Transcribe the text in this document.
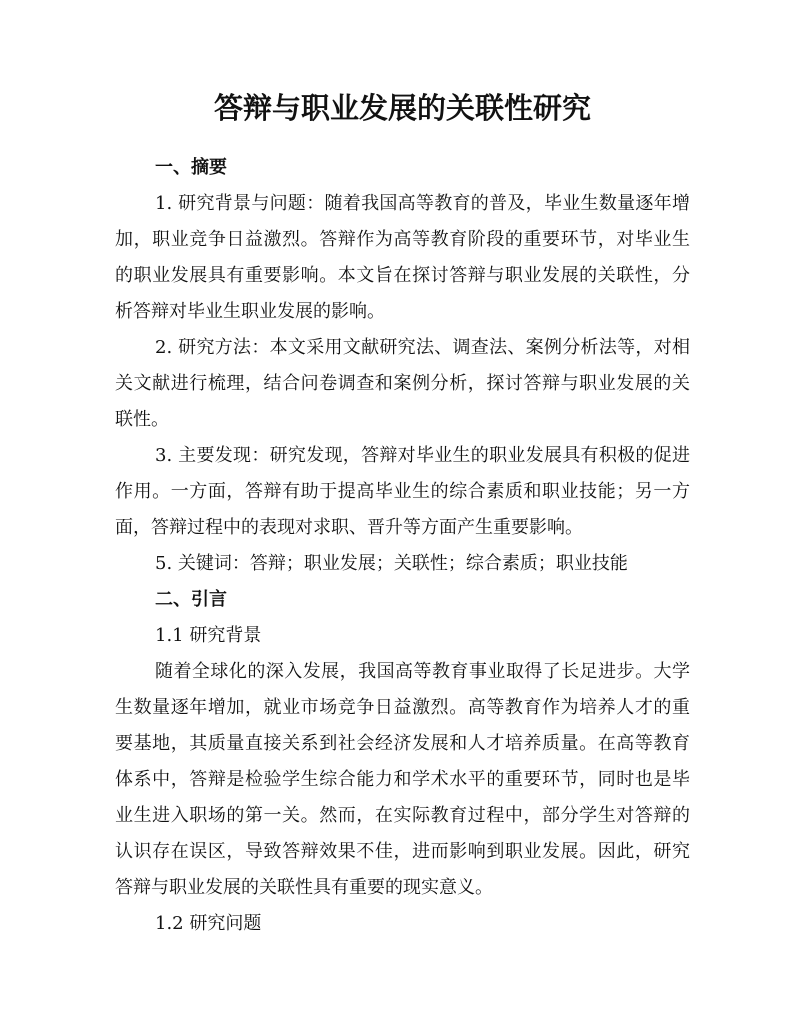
答辩与职业发展的关联性研究

一、摘要

1. 研究背景与问题：随着我国高等教育的普及，毕业生数量逐年增加，职业竞争日益激烈。答辩作为高等教育阶段的重要环节，对毕业生的职业发展具有重要影响。本文旨在探讨答辩与职业发展的关联性，分析答辩对毕业生职业发展的影响。

2. 研究方法：本文采用文献研究法、调查法、案例分析法等，对相关文献进行梳理，结合问卷调查和案例分析，探讨答辩与职业发展的关联性。

3. 主要发现：研究发现，答辩对毕业生的职业发展具有积极的促进作用。一方面，答辩有助于提高毕业生的综合素质和职业技能；另一方面，答辩过程中的表现对求职、晋升等方面产生重要影响。

5. 关键词：答辩；职业发展；关联性；综合素质；职业技能

二、引言

1.1 研究背景

随着全球化的深入发展，我国高等教育事业取得了长足进步。大学生数量逐年增加，就业市场竞争日益激烈。高等教育作为培养人才的重要基地，其质量直接关系到社会经济发展和人才培养质量。在高等教育体系中，答辩是检验学生综合能力和学术水平的重要环节，同时也是毕业生进入职场的第一关。然而，在实际教育过程中，部分学生对答辩的认识存在误区，导致答辩效果不佳，进而影响到职业发展。因此，研究答辩与职业发展的关联性具有重要的现实意义。

1.2 研究问题
